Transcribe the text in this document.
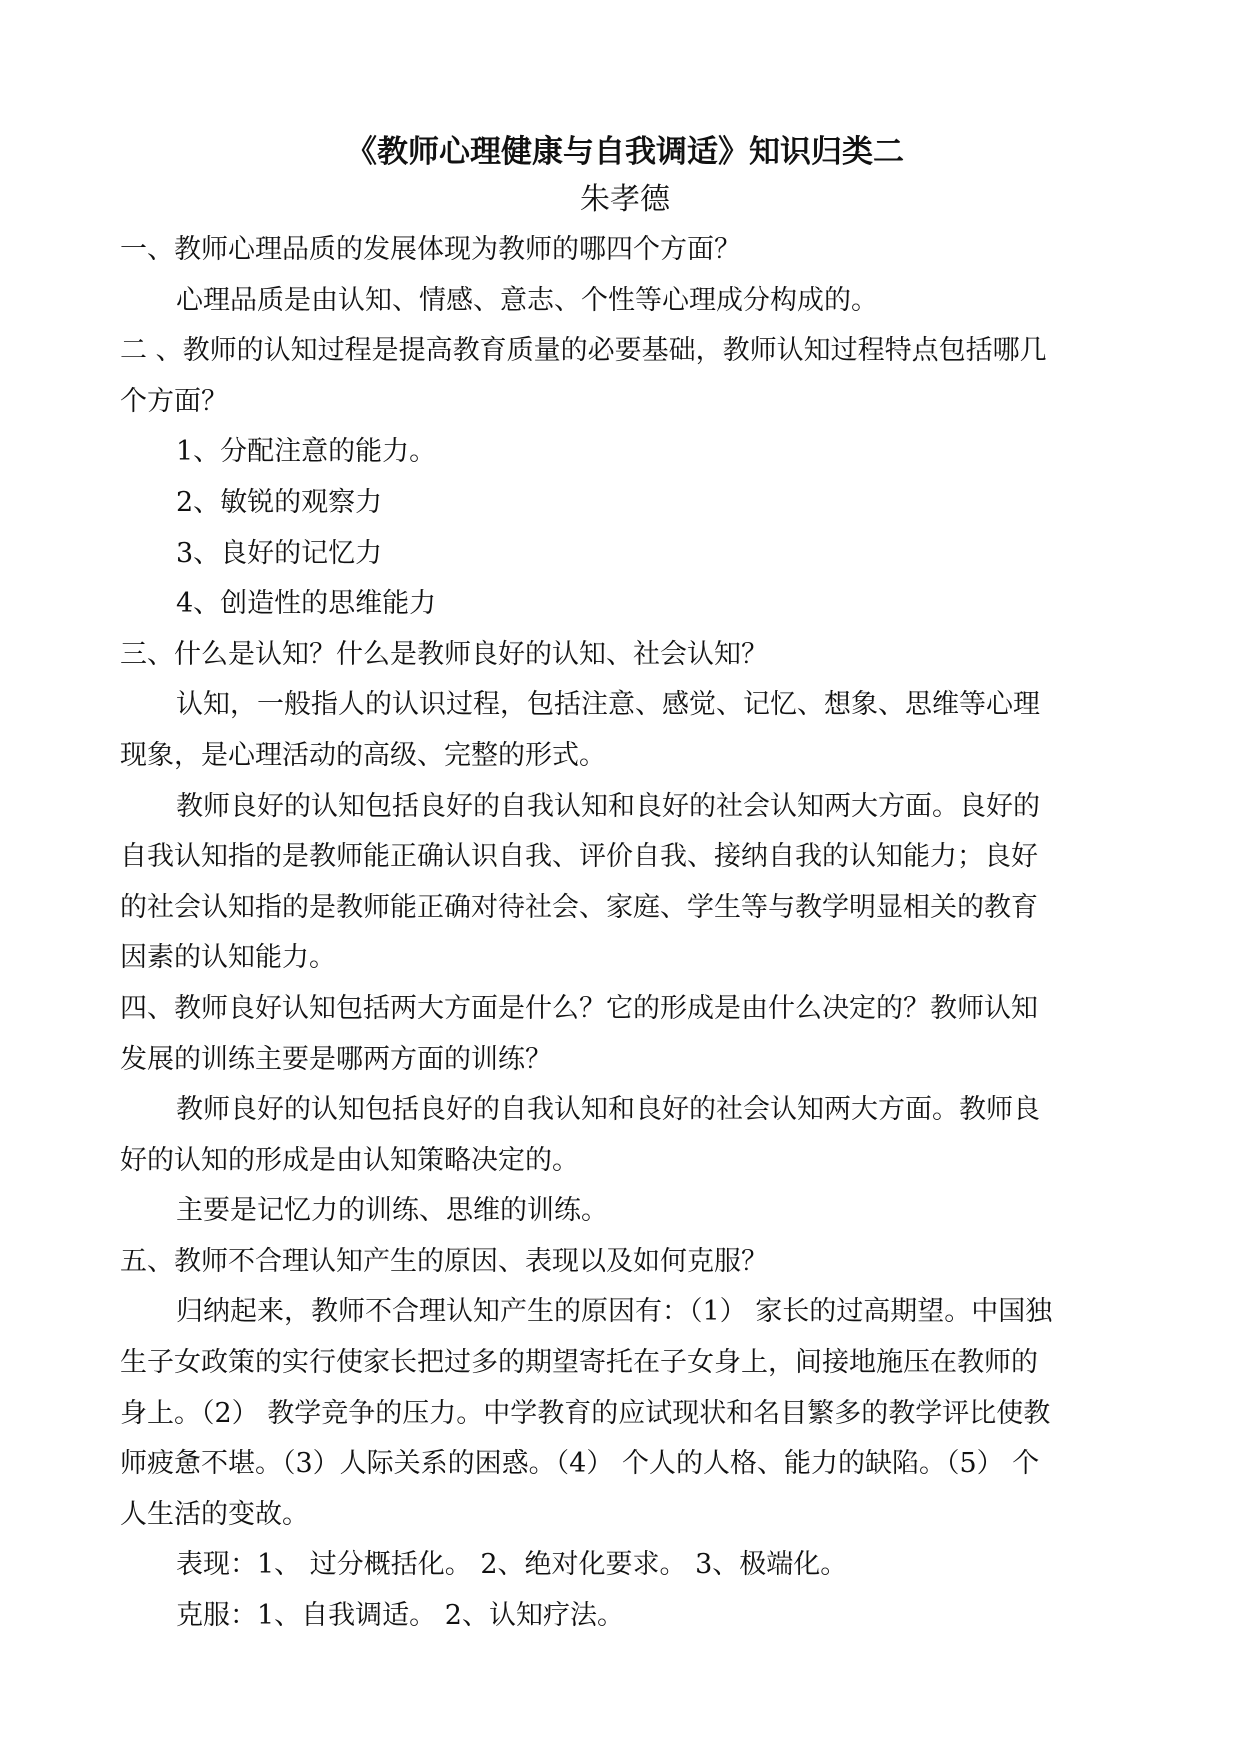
《教师心理健康与自我调适》知识归类二
朱孝德

一、教师心理品质的发展体现为教师的哪四个方面？

心理品质是由认知、情感、意志、个性等心理成分构成的。

二 、教师的认知过程是提高教育质量的必要基础，教师认知过程特点包括哪几

个方面？

1、分配注意的能力。

2、敏锐的观察力

3、良好的记忆力

4、创造性的思维能力

三、什么是认知？什么是教师良好的认知、社会认知？

认知，一般指人的认识过程，包括注意、感觉、记忆、想象、思维等心理

现象，是心理活动的高级、完整的形式。

教师良好的认知包括良好的自我认知和良好的社会认知两大方面。良好的

自我认知指的是教师能正确认识自我、评价自我、接纳自我的认知能力；良好

的社会认知指的是教师能正确对待社会、家庭、学生等与教学明显相关的教育

因素的认知能力。

四、教师良好认知包括两大方面是什么？它的形成是由什么决定的？教师认知

发展的训练主要是哪两方面的训练？

教师良好的认知包括良好的自我认知和良好的社会认知两大方面。教师良

好的认知的形成是由认知策略决定的。

主要是记忆力的训练、思维的训练。

五、教师不合理认知产生的原因、表现以及如何克服？

归纳起来，教师不合理认知产生的原因有：（1） 家长的过高期望。中国独

生子女政策的实行使家长把过多的期望寄托在子女身上，间接地施压在教师的

身上。（2） 教学竞争的压力。中学教育的应试现状和名目繁多的教学评比使教

师疲惫不堪。（3）人际关系的困惑。（4） 个人的人格、能力的缺陷。（5） 个

人生活的变故。

表现：1、 过分概括化。 2、绝对化要求。 3、极端化。

克服：1、自我调适。 2、认知疗法。
